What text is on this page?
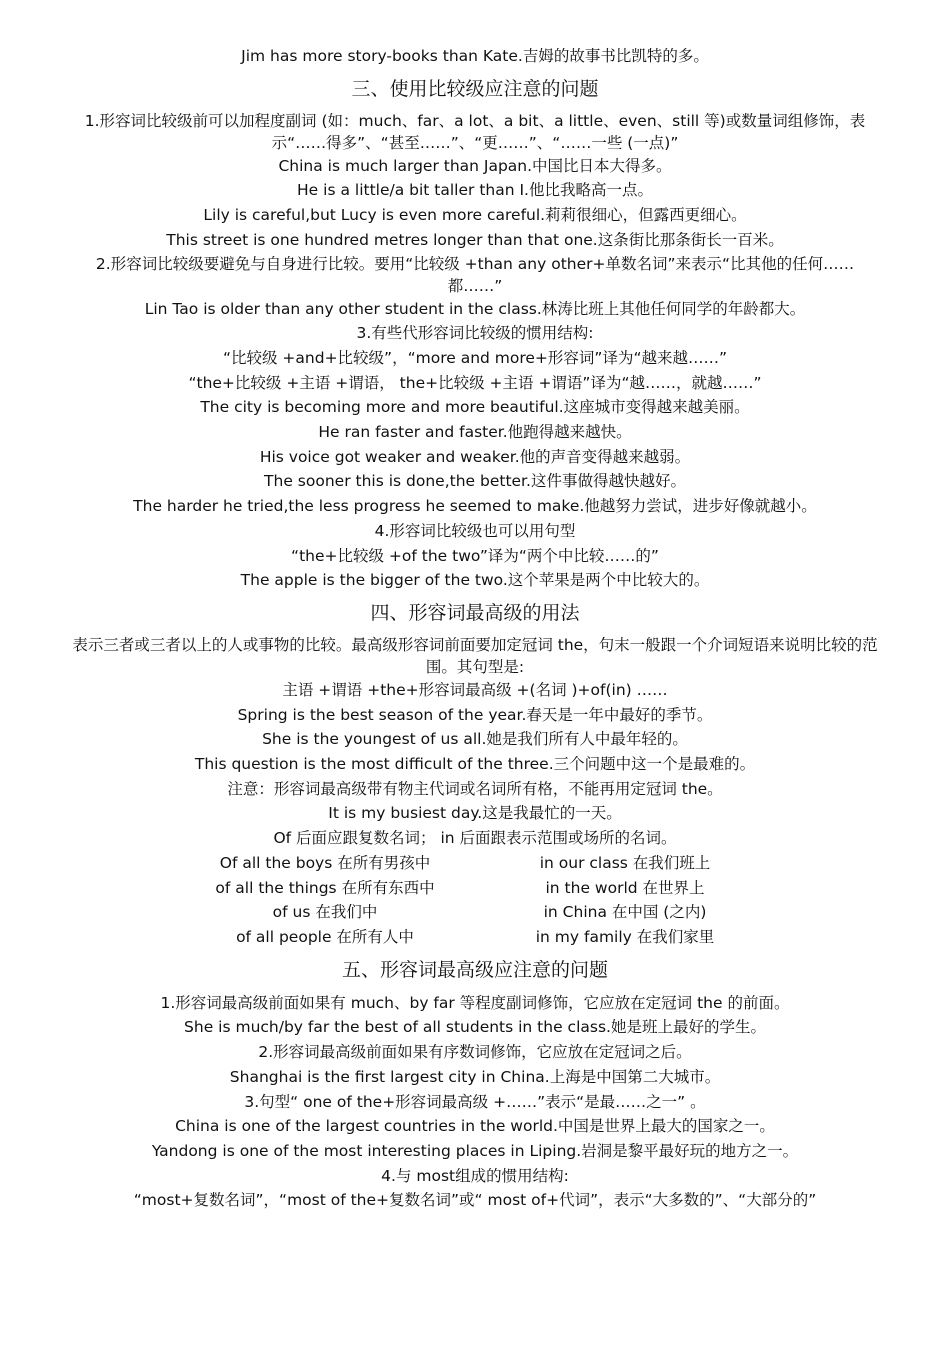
Jim has more story-books than Kate.吉姆的故事书比凯特的多。
三、使用比较级应注意的问题
1.形容词比较级前可以加程度副词 (如：much、far、a lot、a bit、a little、even、still 等)或数量词组修饰，表示“……得多”、“甚至……”、“更……”、“……一些 (一点)”
China is much larger than Japan.中国比日本大得多。
He is a little/a bit taller than I.他比我略高一点。
Lily is careful,but Lucy is even more careful.莉莉很细心，但露西更细心。
This street is one hundred metres longer than that one.这条街比那条街长一百米。
2.形容词比较级要避免与自身进行比较。要用“比较级 +than any other+单数名词”来表示“比其他的任何……都……”
Lin Tao is older than any other student in the class.林涛比班上其他任何同学的年龄都大。
3.有些代形容词比较级的惯用结构:
“比较级 +and+比较级”，“more and more+形容词”译为“越来越……”
“the+比较级 +主语 +谓语， the+比较级 +主语 +谓语”译为“越……，就越……”
The city is becoming more and more beautiful.这座城市变得越来越美丽。
He ran faster and faster.他跑得越来越快。
His voice got weaker and weaker.他的声音变得越来越弱。
The sooner this is done,the better.这件事做得越快越好。
The harder he tried,the less progress he seemed to make.他越努力尝试，进步好像就越小。
4.形容词比较级也可以用句型
“the+比较级 +of the two”译为“两个中比较……的”
The apple is the bigger of the two.这个苹果是两个中比较大的。
四、形容词最高级的用法
表示三者或三者以上的人或事物的比较。最高级形容词前面要加定冠词 the，句末一般跟一个介词短语来说明比较的范围。其句型是:
主语 +谓语 +the+形容词最高级 +(名词 )+of(in) ……
Spring is the best season of the year.春天是一年中最好的季节。
She is the youngest of us all.她是我们所有人中最年轻的。
This question is the most difficult of the three.三个问题中这一个是最难的。
注意：形容词最高级带有物主代词或名词所有格，不能再用定冠词 the。
It is my busiest day.这是我最忙的一天。
Of 后面应跟复数名词； in 后面跟表示范围或场所的名词。
Of all the boys 在所有男孩中	in our class 在我们班上
of all the things 在所有东西中	in the world 在世界上
of us 在我们中	in China 在中国 (之内)
of all people 在所有人中	in my family 在我们家里
五、形容词最高级应注意的问题
1.形容词最高级前面如果有 much、by far 等程度副词修饰，它应放在定冠词 the 的前面。
She is much/by far the best of all students in the class.她是班上最好的学生。
2.形容词最高级前面如果有序数词修饰，它应放在定冠词之后。
Shanghai is the first largest city in China.上海是中国第二大城市。
3.句型“ one of the+形容词最高级 +……”表示“是最……之一” 。
China is one of the largest countries in the world.中国是世界上最大的国家之一。
Yandong is one of the most interesting places in Liping.岩洞是黎平最好玩的地方之一。
4.与 most组成的惯用结构:
“most+复数名词”，“most of the+复数名词”或“ most of+代词”，表示“大多数的”、“大部分的”
